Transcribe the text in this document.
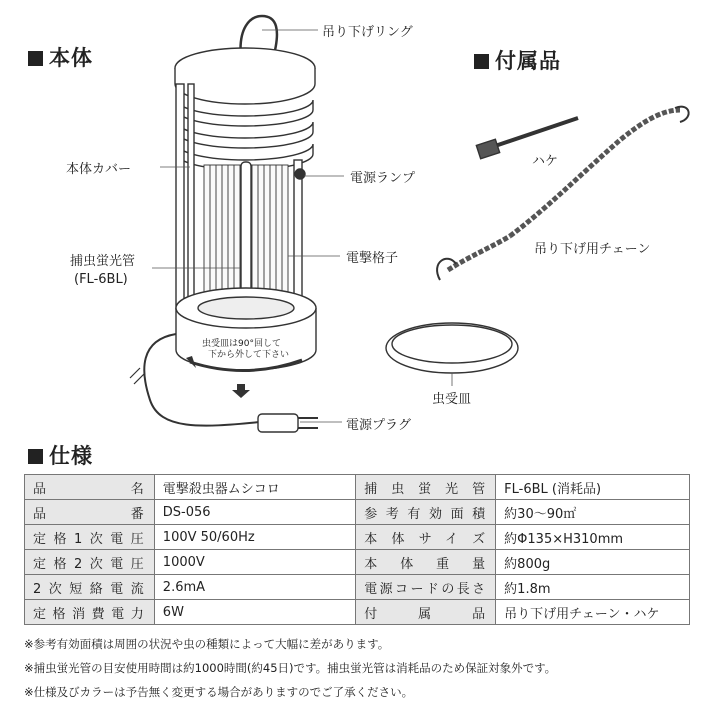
本体	付属品
仕様
虫受皿は90°回して
下から外して下さい
吊り下げリング
本体カバー
電源ランプ
電撃格子
捕虫蛍光管
(FL-6BL)
虫受皿
電源プラグ
ハケ
吊り下げ用チェーン
品　名	電撃殺虫器ムシコロ	捕虫蛍光管	FL-6BL (消耗品)
品　番	DS-056	参考有効面積	約30〜90㎡
定格1次電圧	100V 50/60Hz	本体サイズ	約Φ135×H310mm
定格2次電圧	1000V	本体重量	約800g
2次短絡電流	2.6mA	電源コードの長さ	約1.8m
定格消費電力	6W	付属品	吊り下げ用チェーン・ハケ
※参考有効面積は周囲の状況や虫の種類によって大幅に差があります。
※捕虫蛍光管の目安使用時間は約1000時間(約45日)です。捕虫蛍光管は消耗品のため保証対象外です。
※仕様及びカラーは予告無く変更する場合がありますのでご了承ください。
